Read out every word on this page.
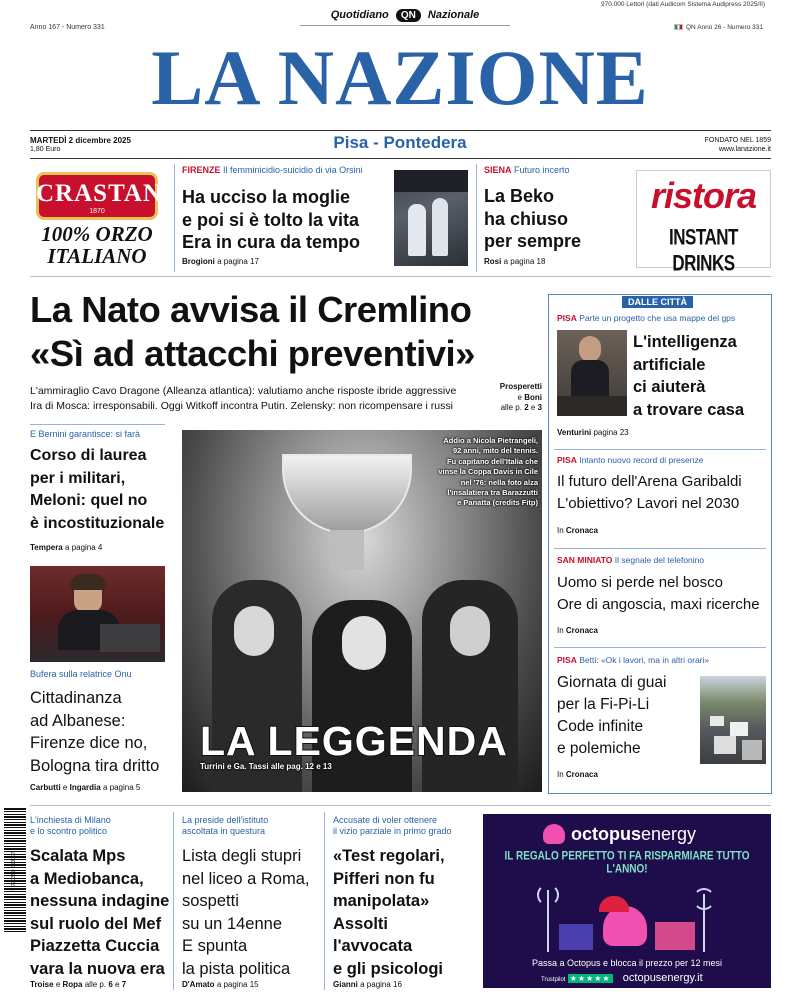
970.000 Lettori (dati Audicom Sistema Audipress 2025/II)
Anno 167 - Numero 331
Quotidiano QN Nazionale
QN Anno 26 - Numero 331
LA NAZIONE
MARTEDÌ 2 dicembre 2025
1,80 Euro	Pisa - Pontedera	FONDATO NEL 1859
www.lanazione.it
CRASTAN
1870
100% ORZO
ITALIANO
FIRENZE Il femminicidio-suicidio di via Orsini
Ha ucciso la moglie
e poi si è tolto la vita
Era in cura da tempo
Brogioni a pagina 17
SIENA Futuro incerto
La Beko
ha chiuso
per sempre
Rosi a pagina 18
ristora
INSTANT DRINKS
La Nato avvisa il Cremlino
«Sì ad attacchi preventivi»
L'ammiraglio Cavo Dragone (Alleanza atlantica): valutiamo anche risposte ibride aggressive
Ira di Mosca: irresponsabili. Oggi Witkoff incontra Putin. Zelensky: non ricompensare i russi
Prosperetti
e Boni
alle p. 2 e 3
E Bernini garantisce: si farà
Corso di laurea
per i militari,
Meloni: quel no
è incostituzionale
Tempera a pagina 4
Bufera sulla relatrice Onu
Cittadinanza
ad Albanese:
Firenze dice no,
Bologna tira dritto
Carbutti e Ingardia a pagina 5
Addio a Nicola Pietrangeli,
92 anni, mito del tennis.
Fu capitano dell'Italia che
vinse la Coppa Davis in Cile
nel '76: nella foto alza
l'insalatiera tra Barazzutti
e Panatta (credits Fitp)
LA LEGGENDA
Turrini e Ga. Tassi alle pag. 12 e 13
DALLE CITTÀ
PISA Parte un progetto che usa mappe del gps
L'intelligenza
artificiale
ci aiuterà
a trovare casa
Venturini pagina 23
PISA Intanto nuovo record di presenze
Il futuro dell'Arena Garibaldi
L'obiettivo? Lavori nel 2030
In Cronaca
SAN MINIATO Il segnale del telefonino
Uomo si perde nel bosco
Ore di angoscia, maxi ricerche
In Cronaca
PISA Betti: «Ok i lavori, ma in altri orari»
Giornata di guai
per la Fi-Pi-Li
Code infinite
e polemiche
In Cronaca
9 770390 013007
L'inchiesta di Milano
e lo scontro politico
Scalata Mps
a Mediobanca,
nessuna indagine
sul ruolo del Mef
Piazzetta Cuccia
vara la nuova era
Troise e Ropa alle p. 6 e 7
La preside dell'istituto
ascoltata in questura
Lista degli stupri
nel liceo a Roma,
sospetti
su un 14enne
E spunta
la pista politica
D'Amato a pagina 15
Accusate di voler ottenere
il vizio parziale in primo grado
«Test regolari,
Pifferi non fu
manipolata»
Assolti
l'avvocata
e gli psicologi
Gianni a pagina 16
octopusenergy
IL REGALO PERFETTO TI FA RISPARMIARE TUTTO L'ANNO!
Passa a Octopus e blocca il prezzo per 12 mesi
Trustpilot ★★★★★ octopusenergy.it
